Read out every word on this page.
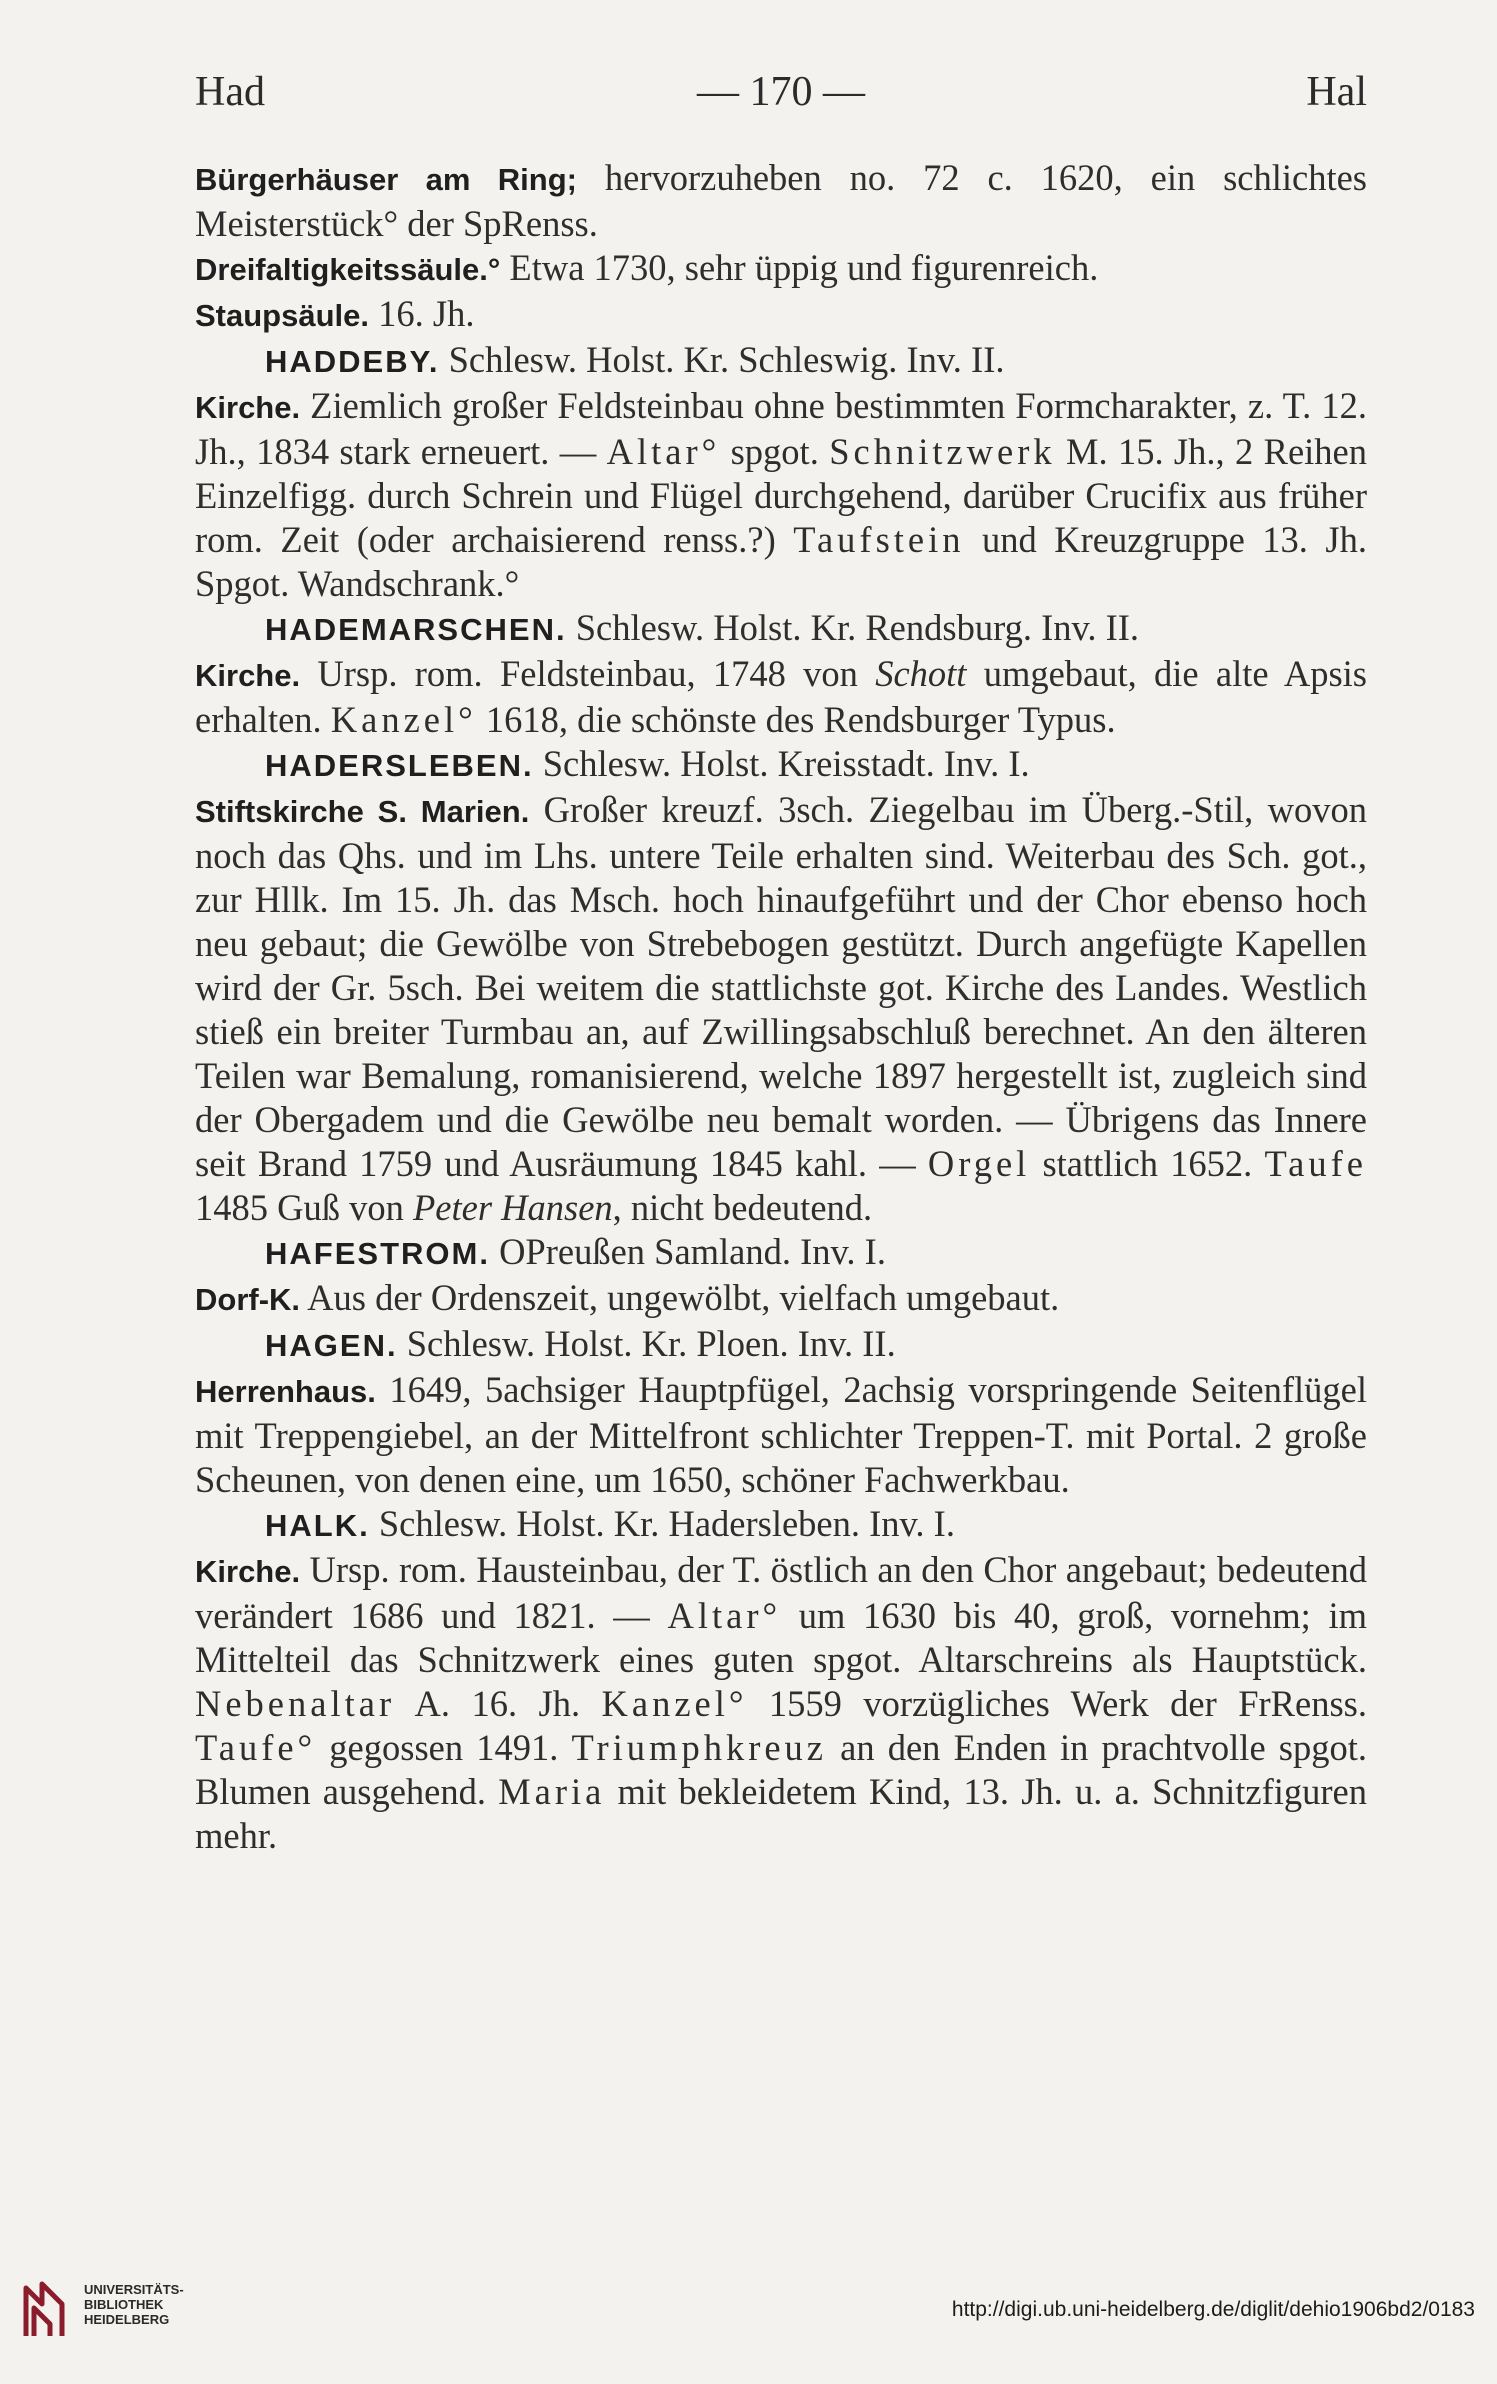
Had	— 170 —	Hal

Bürgerhäuser am Ring; hervorzuheben no. 72 c. 1620, ein schlichtes Meisterstück° der SpRenss.

Dreifaltigkeitssäule.° Etwa 1730, sehr üppig und figurenreich.

Staupsäule. 16. Jh.

HADDEBY. Schlesw. Holst. Kr. Schleswig. Inv. II.

Kirche. Ziemlich großer Feldsteinbau ohne bestimmten Formcharakter, z. T. 12. Jh., 1834 stark erneuert. — Altar° spgot. Schnitzwerk M. 15. Jh., 2 Reihen Einzelfigg. durch Schrein und Flügel durchgehend, darüber Crucifix aus früher rom. Zeit (oder archaisierend renss.?) Taufstein und Kreuzgruppe 13. Jh. Spgot. Wandschrank.°

HADEMARSCHEN. Schlesw. Holst. Kr. Rendsburg. Inv. II.

Kirche. Ursp. rom. Feldsteinbau, 1748 von Schott umgebaut, die alte Apsis erhalten. Kanzel° 1618, die schönste des Rendsburger Typus.

HADERSLEBEN. Schlesw. Holst. Kreisstadt. Inv. I.

Stiftskirche S. Marien. Großer kreuzf. 3sch. Ziegelbau im Überg.-Stil, wovon noch das Qhs. und im Lhs. untere Teile erhalten sind. Weiterbau des Sch. got., zur Hllk. Im 15. Jh. das Msch. hoch hinaufgeführt und der Chor ebenso hoch neu gebaut; die Gewölbe von Strebebogen gestützt. Durch angefügte Kapellen wird der Gr. 5sch. Bei weitem die stattlichste got. Kirche des Landes. Westlich stieß ein breiter Turmbau an, auf Zwillingsabschluß berechnet. An den älteren Teilen war Bemalung, romanisierend, welche 1897 hergestellt ist, zugleich sind der Obergadem und die Gewölbe neu bemalt worden. — Übrigens das Innere seit Brand 1759 und Ausräumung 1845 kahl. — Orgel stattlich 1652. Taufe 1485 Guß von Peter Hansen, nicht bedeutend.

HAFESTROM. OPreußen Samland. Inv. I.

Dorf-K. Aus der Ordenszeit, ungewölbt, vielfach umgebaut.

HAGEN. Schlesw. Holst. Kr. Ploen. Inv. II.

Herrenhaus. 1649, 5achsiger Hauptpfügel, 2achsig vorspringende Seitenflügel mit Treppengiebel, an der Mittelfront schlichter Treppen-T. mit Portal. 2 große Scheunen, von denen eine, um 1650, schöner Fachwerkbau.

HALK. Schlesw. Holst. Kr. Hadersleben. Inv. I.

Kirche. Ursp. rom. Hausteinbau, der T. östlich an den Chor angebaut; bedeutend verändert 1686 und 1821. — Altar° um 1630 bis 40, groß, vornehm; im Mittelteil das Schnitzwerk eines guten spgot. Altarschreins als Hauptstück. Nebenaltar A. 16. Jh. Kanzel° 1559 vorzügliches Werk der FrRenss. Taufe° gegossen 1491. Triumphkreuz an den Enden in prachtvolle spgot. Blumen ausgehend. Maria mit bekleidetem Kind, 13. Jh. u. a. Schnitzfiguren mehr.

UNIVERSITÄTS-
BIBLIOTHEK
HEIDELBERG	http://digi.ub.uni-heidelberg.de/diglit/dehio1906bd2/0183
